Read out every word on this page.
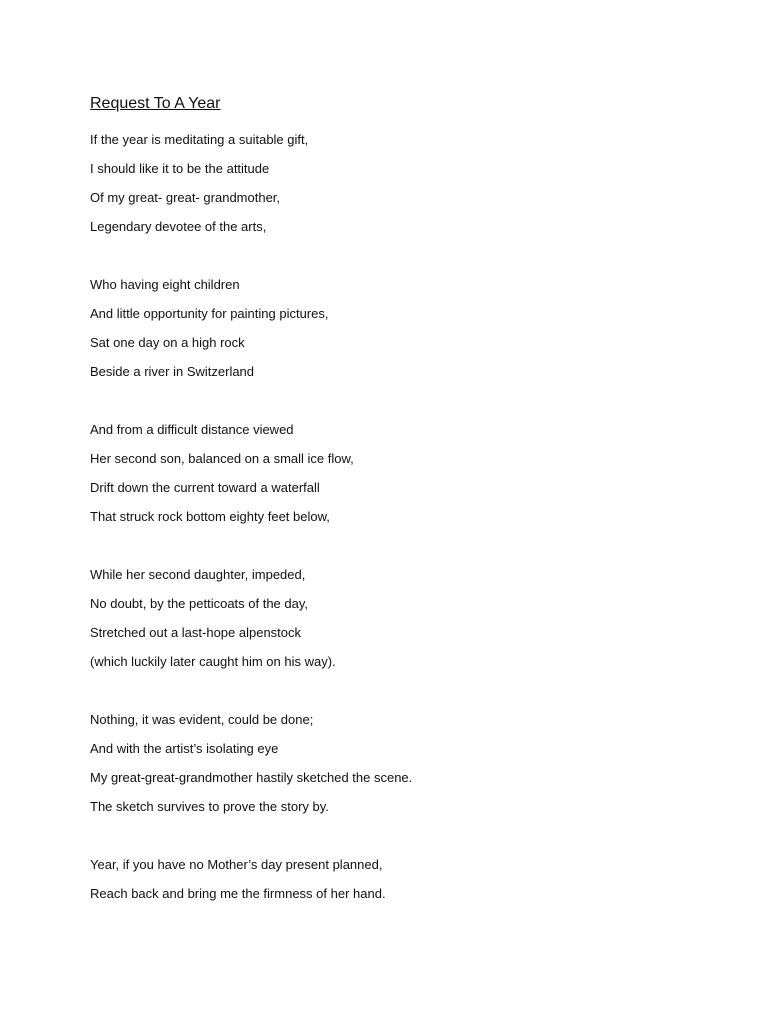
Request To A Year
If the year is meditating a suitable gift,
I should like it to be the attitude
Of my great- great- grandmother,
Legendary devotee of the arts,
Who having eight children
And little opportunity for painting pictures,
Sat one day on a high rock
Beside a river in Switzerland
And from a difficult distance viewed
Her second son, balanced on a small ice flow,
Drift down the current toward a waterfall
That struck rock bottom eighty feet below,
While her second daughter, impeded,
No doubt, by the petticoats of the day,
Stretched out a last-hope alpenstock
(which luckily later caught him on his way).
Nothing, it was evident, could be done;
And with the artist’s isolating eye
My great-great-grandmother hastily sketched the scene.
The sketch survives to prove the story by.
Year, if you have no Mother’s day present planned,
Reach back and bring me the firmness of her hand.
